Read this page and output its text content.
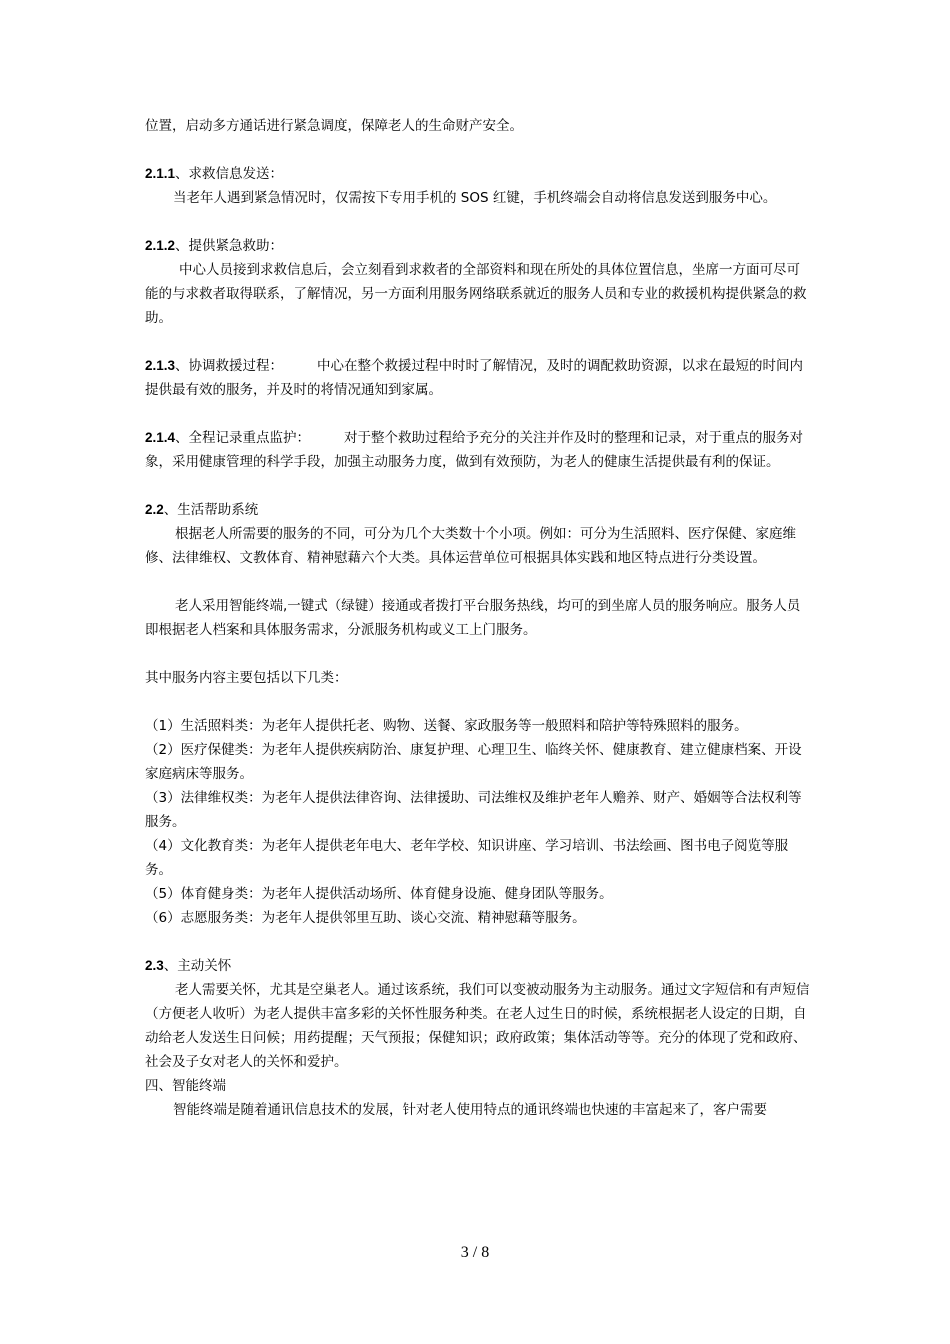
位置，启动多方通话进行紧急调度，保障老人的生命财产安全。

2.1.1、求救信息发送：

当老年人遇到紧急情况时，仅需按下专用手机的 SOS 红键，手机终端会自动将信息发送到服务中心。

2.1.2、提供紧急救助：

中心人员接到求救信息后，会立刻看到求救者的全部资料和现在所处的具体位置信息，坐席一方面可尽可能的与求救者取得联系，了解情况，另一方面利用服务网络联系就近的服务人员和专业的救援机构提供紧急的救助。

2.1.3、协调救援过程：	中心在整个救援过程中时时了解情况，及时的调配救助资源，以求在最短的时间内提供最有效的服务，并及时的将情况通知到家属。

2.1.4、全程记录重点监护：	对于整个救助过程给予充分的关注并作及时的整理和记录，对于重点的服务对象，采用健康管理的科学手段，加强主动服务力度，做到有效预防，为老人的健康生活提供最有利的保证。

2.2、生活帮助系统

根据老人所需要的服务的不同，可分为几个大类数十个小项。例如：可分为生活照料、医疗保健、家庭维修、法律维权、文教体育、精神慰藉六个大类。具体运营单位可根据具体实践和地区特点进行分类设置。

老人采用智能终端,一键式（绿键）接通或者拨打平台服务热线，均可的到坐席人员的服务响应。服务人员即根据老人档案和具体服务需求，分派服务机构或义工上门服务。

其中服务内容主要包括以下几类：

（1）生活照料类：为老年人提供托老、购物、送餐、家政服务等一般照料和陪护等特殊照料的服务。

（2）医疗保健类：为老年人提供疾病防治、康复护理、心理卫生、临终关怀、健康教育、建立健康档案、开设家庭病床等服务。

（3）法律维权类：为老年人提供法律咨询、法律援助、司法维权及维护老年人赡养、财产、婚姻等合法权利等服务。

（4）文化教育类：为老年人提供老年电大、老年学校、知识讲座、学习培训、书法绘画、图书电子阅览等服务。

（5）体育健身类：为老年人提供活动场所、体育健身设施、健身团队等服务。

（6）志愿服务类：为老年人提供邻里互助、谈心交流、精神慰藉等服务。

2.3、主动关怀

老人需要关怀，尤其是空巢老人。通过该系统，我们可以变被动服务为主动服务。通过文字短信和有声短信（方便老人收听）为老人提供丰富多彩的关怀性服务种类。在老人过生日的时候，系统根据老人设定的日期，自动给老人发送生日问候；用药提醒；天气预报；保健知识；政府政策；集体活动等等。充分的体现了党和政府、社会及子女对老人的关怀和爱护。

四、智能终端

智能终端是随着通讯信息技术的发展，针对老人使用特点的通讯终端也快速的丰富起来了，客户需要

3 / 8
